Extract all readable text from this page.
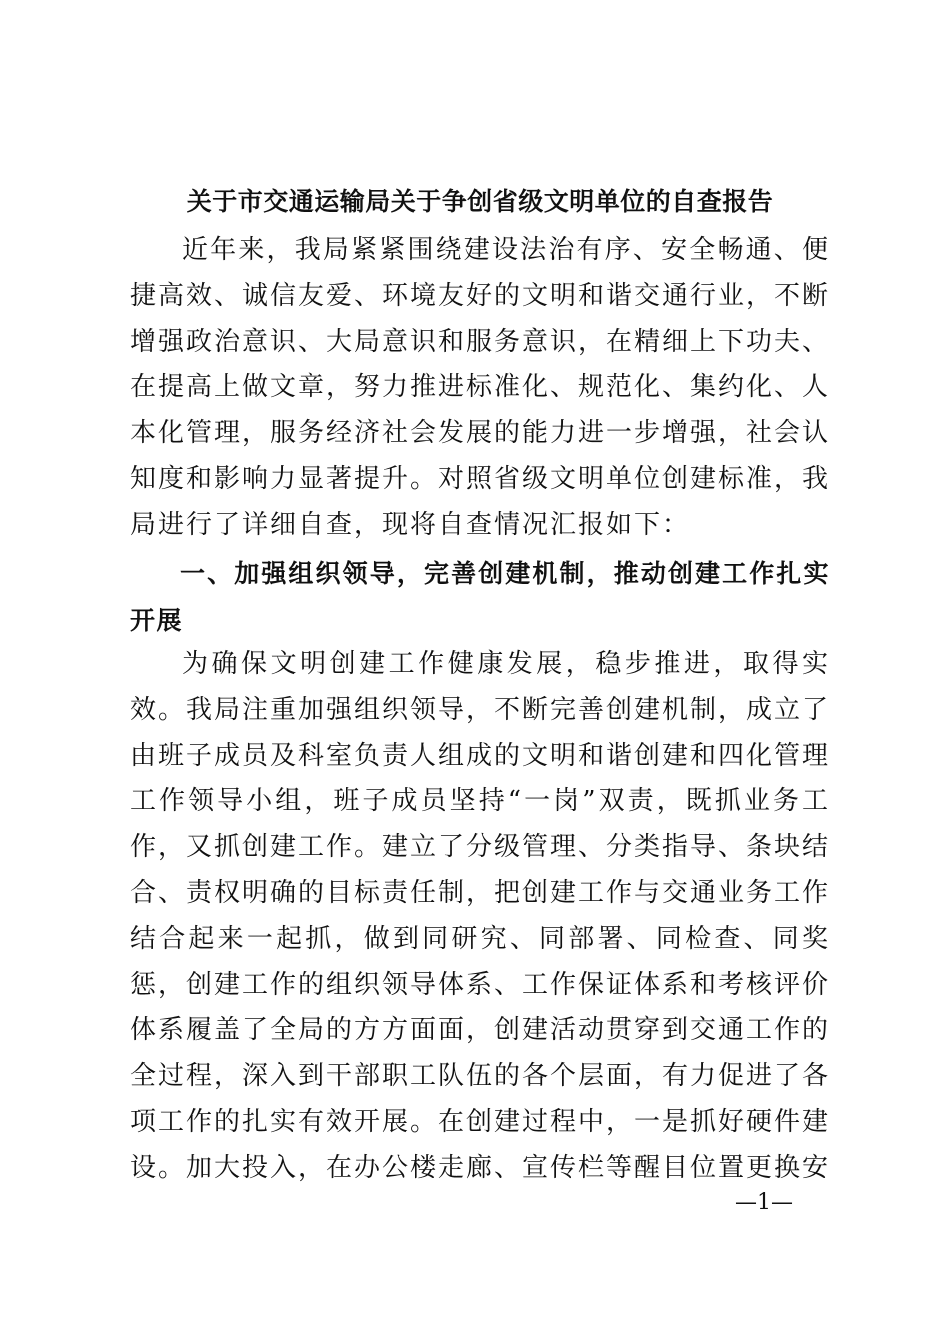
关于市交通运输局关于争创省级文明单位的自查报告

近年来，我局紧紧围绕建设法治有序、安全畅通、便捷高效、诚信友爱、环境友好的文明和谐交通行业，不断增强政治意识、大局意识和服务意识，在精细上下功夫、在提高上做文章，努力推进标准化、规范化、集约化、人本化管理，服务经济社会发展的能力进一步增强，社会认知度和影响力显著提升。对照省级文明单位创建标准，我局进行了详细自查，现将自查情况汇报如下：

一、加强组织领导，完善创建机制，推动创建工作扎实开展

为确保文明创建工作健康发展，稳步推进，取得实效。我局注重加强组织领导，不断完善创建机制，成立了由班子成员及科室负责人组成的文明和谐创建和四化管理工作领导小组，班子成员坚持“一岗”双责，既抓业务工作，又抓创建工作。建立了分级管理、分类指导、条块结合、责权明确的目标责任制，把创建工作与交通业务工作结合起来一起抓，做到同研究、同部署、同检查、同奖惩，创建工作的组织领导体系、工作保证体系和考核评价体系履盖了全局的方方面面，创建活动贯穿到交通工作的全过程，深入到干部职工队伍的各个层面，有力促进了各项工作的扎实有效开展。在创建过程中，一是抓好硬件建设。加大投入，在办公楼走廊、宣传栏等醒目位置更换安

—1—
